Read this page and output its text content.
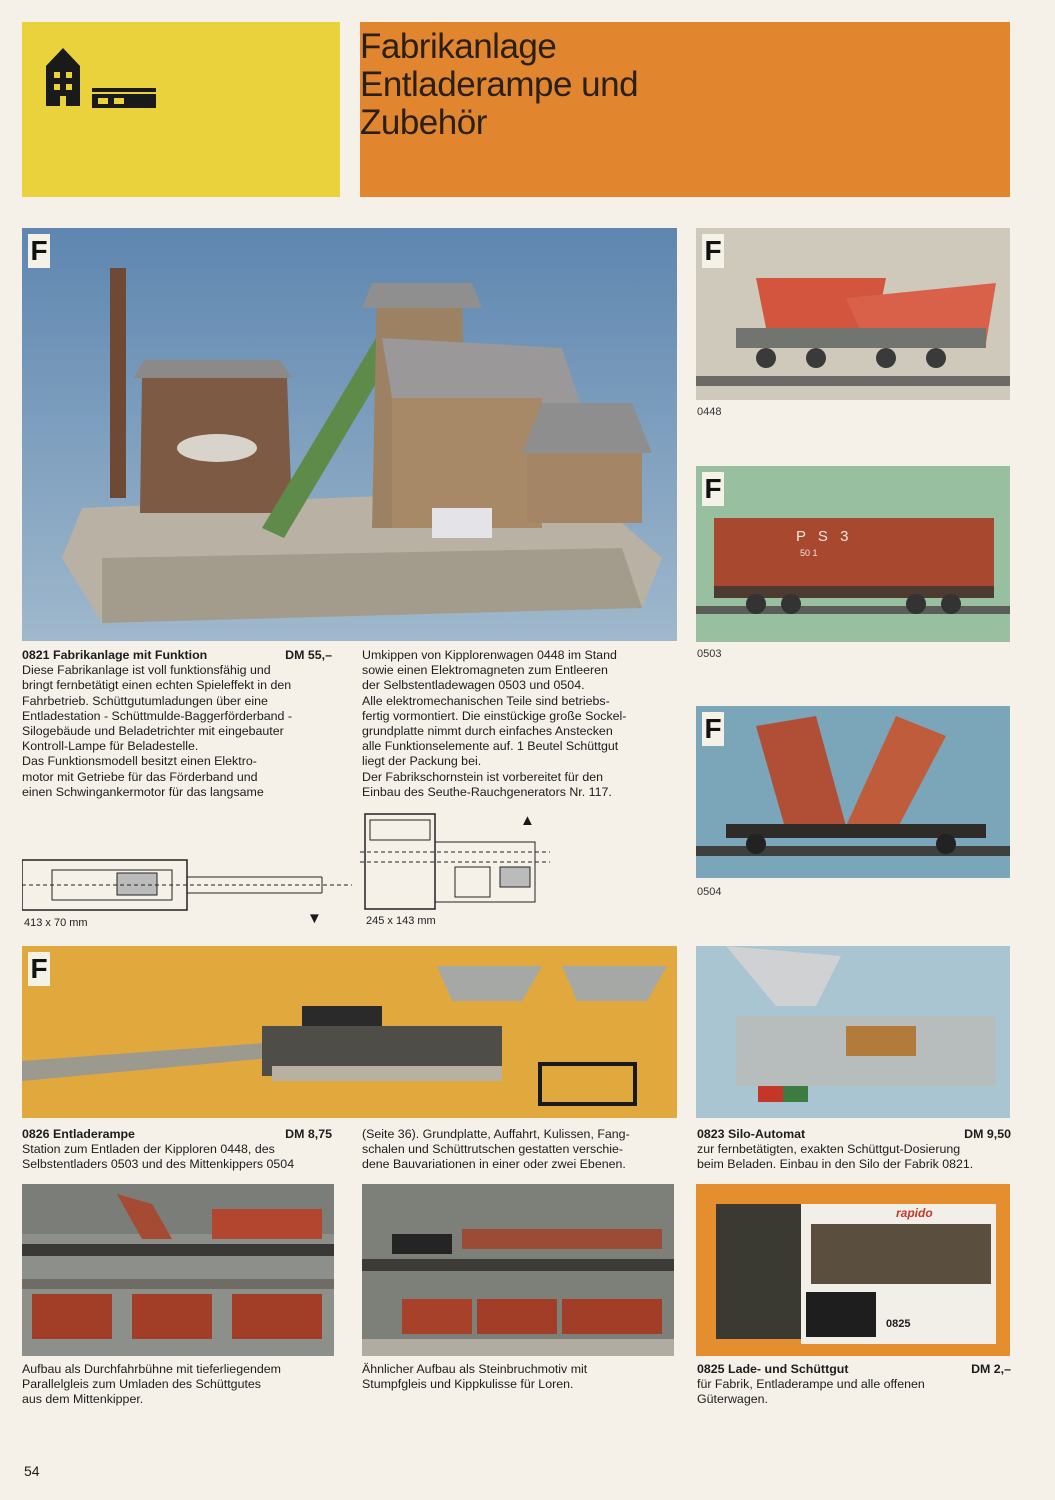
Fabrikanlage
Entladerampe und
Zubehör
F	F
0448
P S 3
50 1
F
0503
F
0504
0821 Fabrikanlage mit Funktion	DM 55,–

Diese Fabrikanlage ist voll funktionsfähig und
bringt fernbetätigt einen echten Spieleffekt in den
Fahrbetrieb. Schüttgutumladungen über eine
Entladestation - Schüttmulde-Baggerförderband -
Silogebäude und Beladetrichter mit eingebauter
Kontroll-Lampe für Beladestelle.
Das Funktionsmodell besitzt einen Elektro-
motor mit Getriebe für das Förderband und
einen Schwingankermotor für das langsame

Umkippen von Kipplorenwagen 0448 im Stand
sowie einen Elektromagneten zum Entleeren
der Selbstentladewagen 0503 und 0504.
Alle elektromechanischen Teile sind betriebs-
fertig vormontiert. Die einstückige große Sockel-
grundplatte nimmt durch einfaches Anstecken
alle Funktionselemente auf. 1 Beutel Schüttgut
liegt der Packung bei.
Der Fabrikschornstein ist vorbereitet für den
Einbau des Seuthe-Rauchgenerators Nr. 117.

413 x 70 mm	▼	245 x 143 mm
▲
F
0826 Entladerampe	DM 8,75

Station zum Entladen der Kipploren 0448, des
Selbstentladers 0503 und des Mittenkippers 0504

(Seite 36). Grundplatte, Auffahrt, Kulissen, Fang-
schalen und Schüttrutschen gestatten verschie-
dene Bauvariationen in einer oder zwei Ebenen.

0823 Silo-Automat	DM 9,50

zur fernbetätigten, exakten Schüttgut-Dosierung
beim Beladen. Einbau in den Silo der Fabrik 0821.

rapido
0825

Aufbau als Durchfahrbühne mit tieferliegendem
Parallelgleis zum Umladen des Schüttgutes
aus dem Mittenkipper.

Ähnlicher Aufbau als Steinbruchmotiv mit
Stumpfgleis und Kippkulisse für Loren.

0825 Lade- und Schüttgut	DM 2,–

für Fabrik, Entladerampe und alle offenen
Güterwagen.

54
